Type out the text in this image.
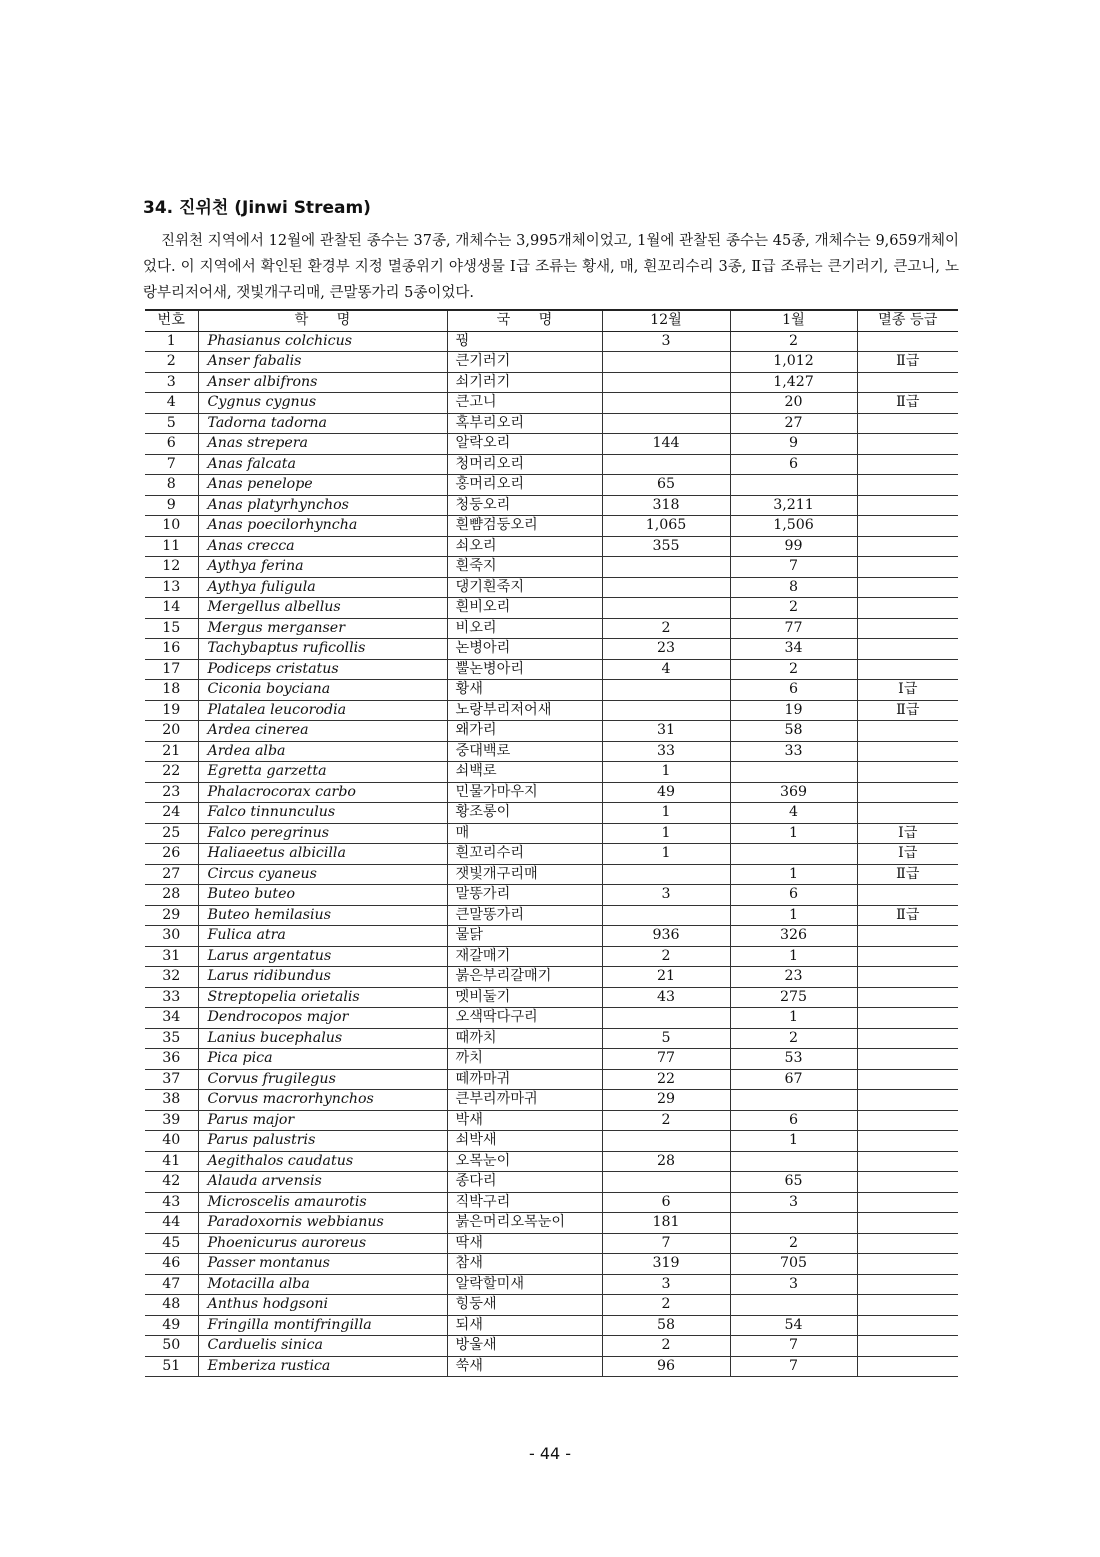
34. 진위천 (Jinwi Stream)

진위천 지역에서 12월에 관찰된 종수는 37종, 개체수는 3,995개체이었고, 1월에 관찰된 종수는 45종, 개체수는 9,659개체이었다. 이 지역에서 확인된 환경부 지정 멸종위기 야생생물 Ⅰ급 조류는 황새, 매, 흰꼬리수리 3종, Ⅱ급 조류는 큰기러기, 큰고니, 노랑부리저어새, 잿빛개구리매, 큰말똥가리 5종이었다.

번호	학　　명	국　　명	12월	1월	멸종 등급
1	Phasianus colchicus	꿩	3	2	
2	Anser fabalis	큰기러기		1,012	Ⅱ급
3	Anser albifrons	쇠기러기		1,427	
4	Cygnus cygnus	큰고니		20	Ⅱ급
5	Tadorna tadorna	혹부리오리		27	
6	Anas strepera	알락오리	144	9	
7	Anas falcata	청머리오리		6	
8	Anas penelope	홍머리오리	65		
9	Anas platyrhynchos	청둥오리	318	3,211	
10	Anas poecilorhyncha	흰뺨검둥오리	1,065	1,506	
11	Anas crecca	쇠오리	355	99	
12	Aythya ferina	흰죽지		7	
13	Aythya fuligula	댕기흰죽지		8	
14	Mergellus albellus	흰비오리		2	
15	Mergus merganser	비오리	2	77	
16	Tachybaptus ruficollis	논병아리	23	34	
17	Podiceps cristatus	뿔논병아리	4	2	
18	Ciconia boyciana	황새		6	Ⅰ급
19	Platalea leucorodia	노랑부리저어새		19	Ⅱ급
20	Ardea cinerea	왜가리	31	58	
21	Ardea alba	중대백로	33	33	
22	Egretta garzetta	쇠백로	1		
23	Phalacrocorax carbo	민물가마우지	49	369	
24	Falco tinnunculus	황조롱이	1	4	
25	Falco peregrinus	매	1	1	Ⅰ급
26	Haliaeetus albicilla	흰꼬리수리	1		Ⅰ급
27	Circus cyaneus	잿빛개구리매		1	Ⅱ급
28	Buteo buteo	말똥가리	3	6	
29	Buteo hemilasius	큰말똥가리		1	Ⅱ급
30	Fulica atra	물닭	936	326	
31	Larus argentatus	재갈매기	2	1	
32	Larus ridibundus	붉은부리갈매기	21	23	
33	Streptopelia orietalis	멧비둘기	43	275	
34	Dendrocopos major	오색딱다구리		1	
35	Lanius bucephalus	때까치	5	2	
36	Pica pica	까치	77	53	
37	Corvus frugilegus	떼까마귀	22	67	
38	Corvus macrorhynchos	큰부리까마귀	29		
39	Parus major	박새	2	6	
40	Parus palustris	쇠박새		1	
41	Aegithalos caudatus	오목눈이	28		
42	Alauda arvensis	종다리		65	
43	Microscelis amaurotis	직박구리	6	3	
44	Paradoxornis webbianus	붉은머리오목눈이	181		
45	Phoenicurus auroreus	딱새	7	2	
46	Passer montanus	참새	319	705	
47	Motacilla alba	알락할미새	3	3	
48	Anthus hodgsoni	힝둥새	2		
49	Fringilla montifringilla	되새	58	54	
50	Carduelis sinica	방울새	2	7	
51	Emberiza rustica	쑥새	96	7	
- 44 -
